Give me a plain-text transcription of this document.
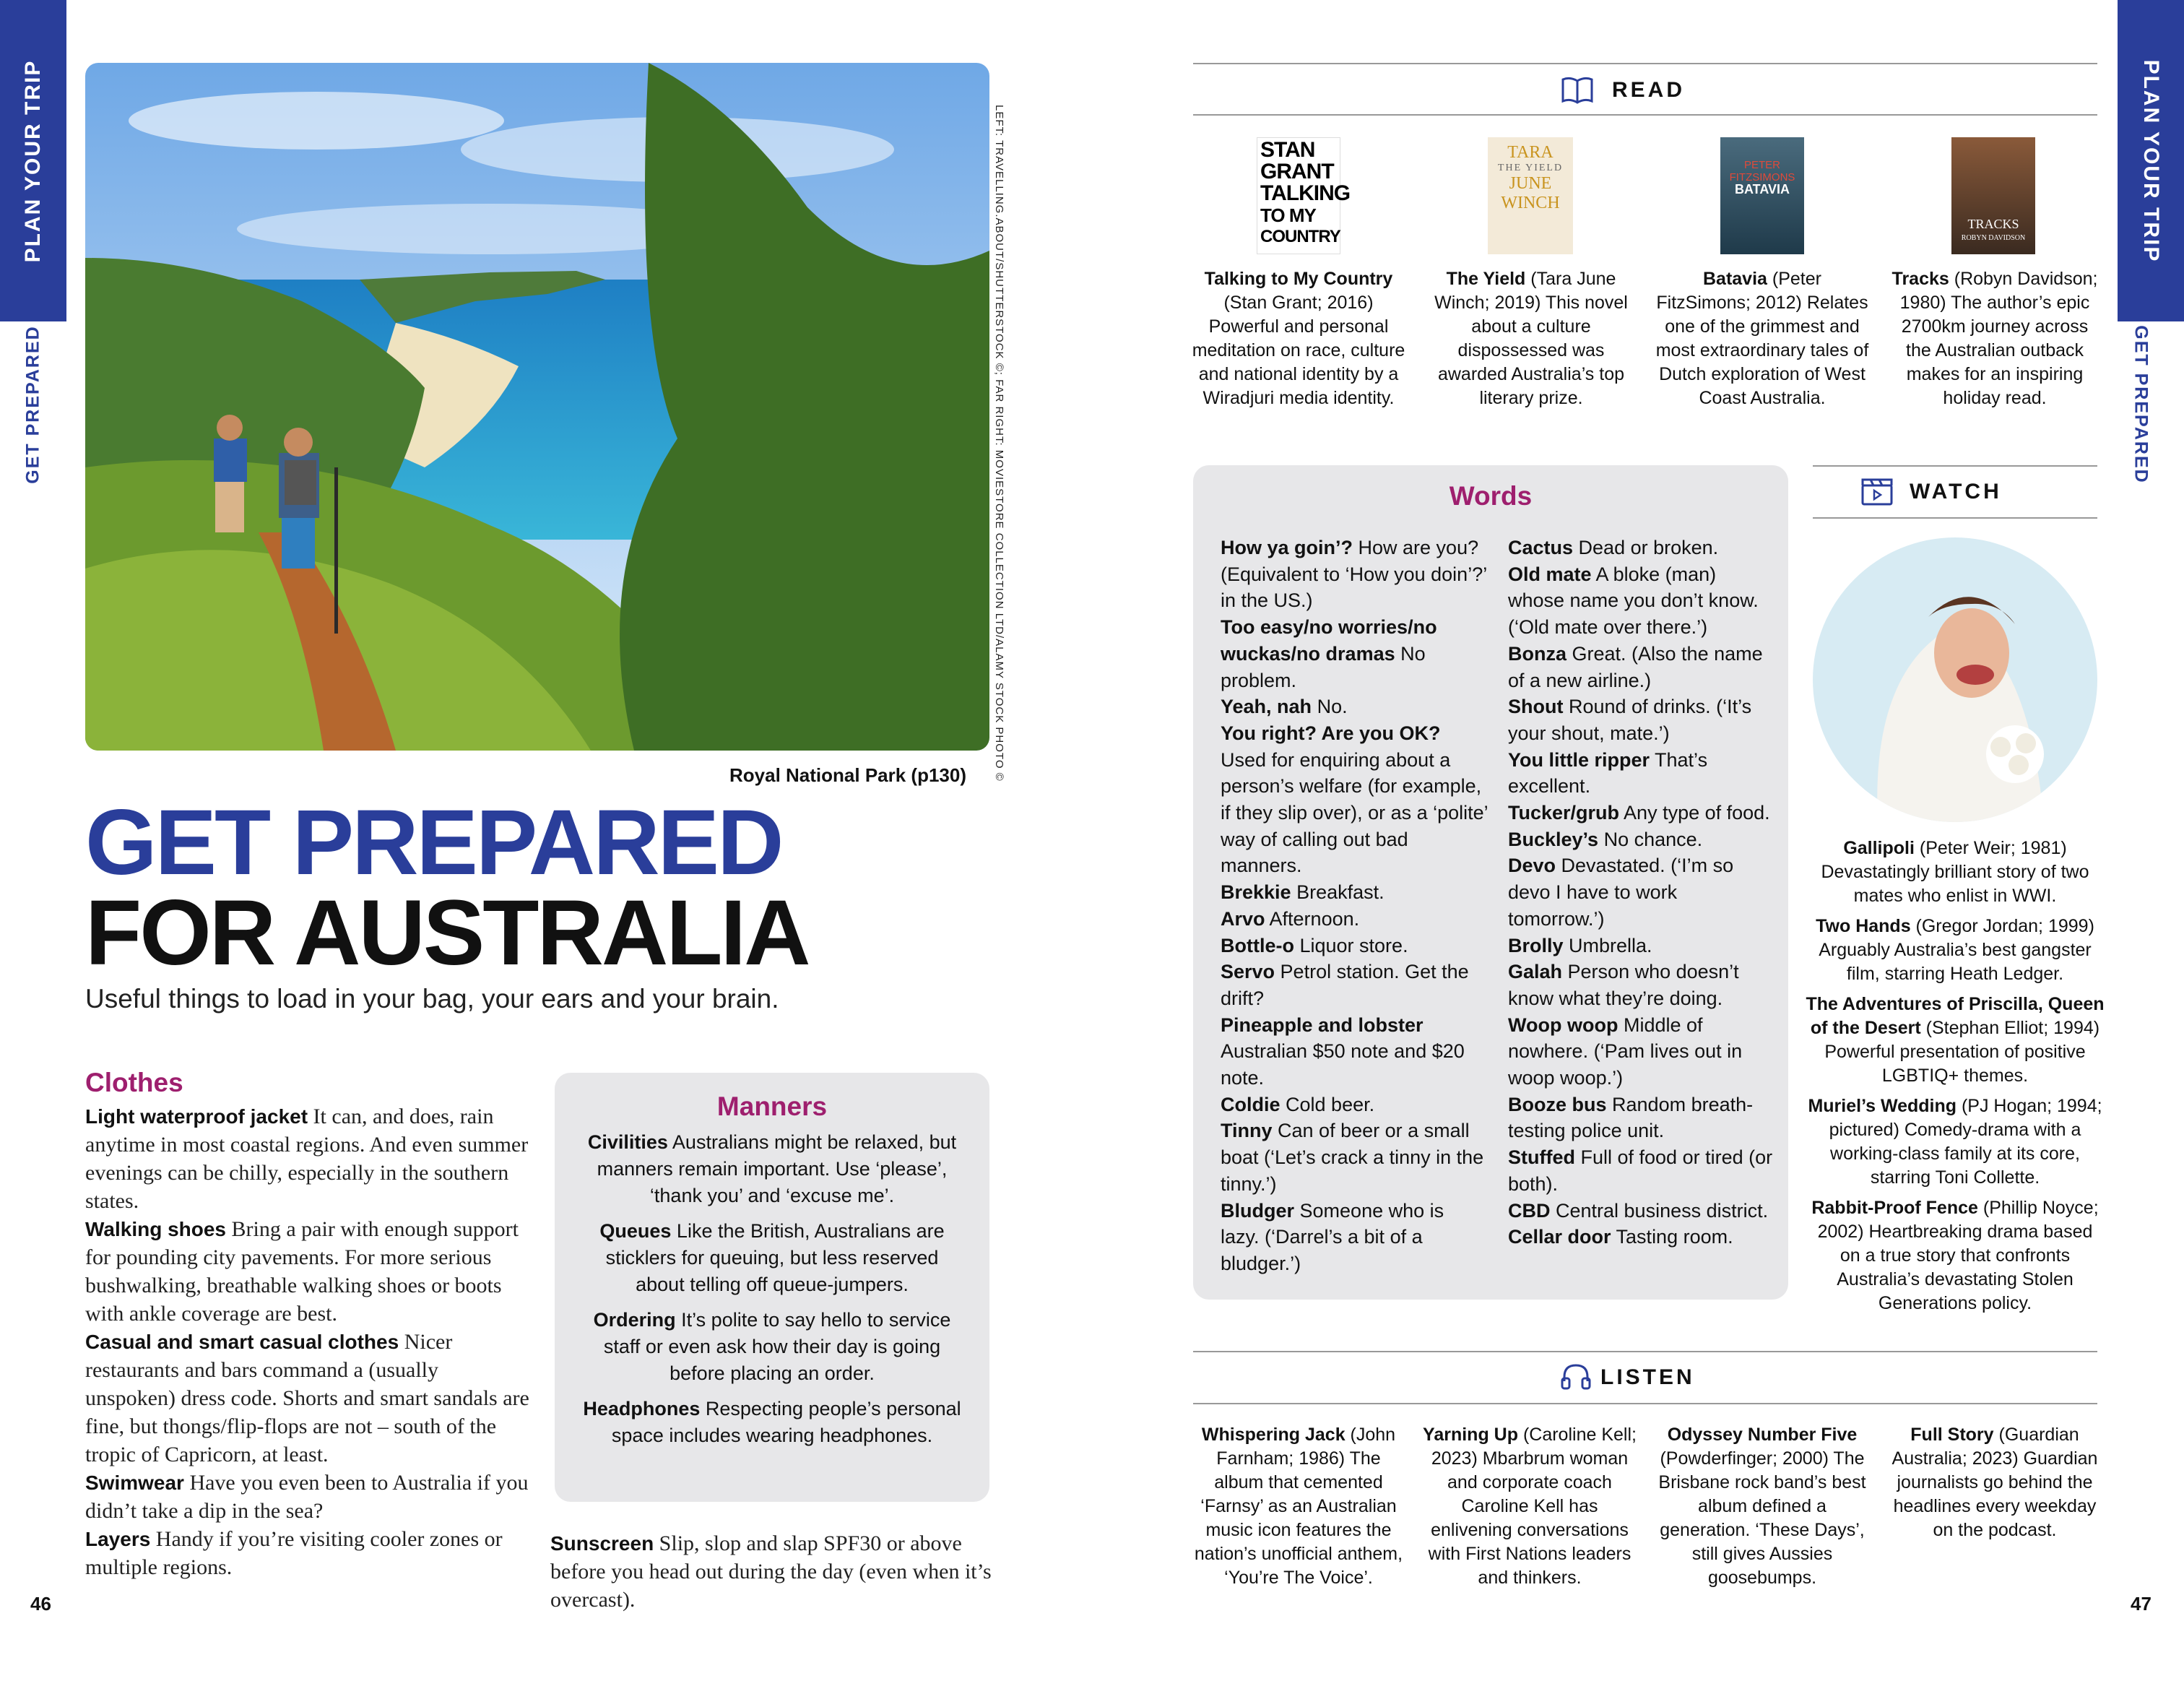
PLAN YOUR TRIP
GET PREPARED
PLAN YOUR TRIP
GET PREPARED
LEFT: TRAVELLING.ABOUT/SHUTTERSTOCK ©; FAR RIGHT: MOVIESTORE COLLECTION LTD/ALAMY STOCK PHOTO ©
Royal National Park (p130)
GET PREPARED
FOR AUSTRALIA
Useful things to load in your bag, your ears and your brain.
Clothes
Light waterproof jacket It can, and does, rain anytime in most coastal regions. And even summer evenings can be chilly, especially in the southern states.
Walking shoes Bring a pair with enough support for pounding city pavements. For more serious bushwalking, breathable walking shoes or boots with ankle coverage are best.
Casual and smart casual clothes Nicer restaurants and bars command a (usually unspoken) dress code. Shorts and smart sandals are fine, but thongs/flip-flops are not – south of the tropic of Capricorn, at least.
Swimwear Have you even been to Australia if you didn’t take a dip in the sea?
Layers Handy if you’re visiting cooler zones or multiple regions.
Manners

Civilities Australians might be relaxed, but manners remain important. Use ‘please’, ‘thank you’ and ‘excuse me’.

Queues Like the British, Australians are sticklers for queuing, but less reserved about telling off queue-jumpers.

Ordering It’s polite to say hello to service staff or even ask how their day is going before placing an order.

Headphones Respecting people’s personal space includes wearing headphones.

Sunscreen Slip, slop and slap SPF30 or above before you head out during the day (even when it’s overcast).
46	47
READ
STAN
GRANT
TALKING
TO MY
COUNTRY
TARA
THE YIELD
JUNE
WINCH
PETER
FITZSIMONS
BATAVIA
TRACKS
ROBYN DAVIDSON
Talking to My Country (Stan Grant; 2016) Powerful and personal meditation on race, culture and national identity by a Wiradjuri media identity.
The Yield (Tara June Winch; 2019) This novel about a culture dispossessed was awarded Australia’s top literary prize.
Batavia (Peter FitzSimons; 2012) Relates one of the grimmest and most extraordinary tales of Dutch exploration of West Coast Australia.
Tracks (Robyn Davidson; 1980) The author’s epic 2700km journey across the Australian outback makes for an inspiring holiday read.
Words
How ya goin’? How are you? (Equivalent to ‘How you doin’?’ in the US.)
Too easy/no worries/no wuckas/no dramas No problem.
Yeah, nah No.
You right? Are you OK? Used for enquiring about a person’s welfare (for example, if they slip over), or as a ‘polite’ way of calling out bad manners.
Brekkie Breakfast.
Arvo Afternoon.
Bottle-o Liquor store.
Servo Petrol station. Get the drift?
Pineapple and lobster Australian $50 note and $20 note.
Coldie Cold beer.
Tinny Can of beer or a small boat (‘Let’s crack a tinny in the tinny.’)
Bludger Someone who is lazy. (‘Darrel’s a bit of a bludger.’)
Cactus Dead or broken.
Old mate A bloke (man) whose name you don’t know. (‘Old mate over there.’)
Bonza Great. (Also the name of a new airline.)
Shout Round of drinks. (‘It’s your shout, mate.’)
You little ripper That’s excellent.
Tucker/grub Any type of food.
Buckley’s No chance.
Devo Devastated. (‘I’m so devo I have to work tomorrow.’)
Brolly Umbrella.
Galah Person who doesn’t know what they’re doing.
Woop woop Middle of nowhere. (‘Pam lives out in woop woop.’)
Booze bus Random breath-testing police unit.
Stuffed Full of food or tired (or both).
CBD Central business district.
Cellar door Tasting room.
WATCH
Gallipoli (Peter Weir; 1981) Devastatingly brilliant story of two mates who enlist in WWI.
Two Hands (Gregor Jordan; 1999) Arguably Australia’s best gangster film, starring Heath Ledger.
The Adventures of Priscilla, Queen of the Desert (Stephan Elliot; 1994) Powerful presentation of positive LGBTIQ+ themes.
Muriel’s Wedding (PJ Hogan; 1994; pictured) Comedy-drama with a working-class family at its core, starring Toni Collette.
Rabbit-Proof Fence (Phillip Noyce; 2002) Heartbreaking drama based on a true story that confronts Australia’s devastating Stolen Generations policy.
LISTEN
Whispering Jack (John Farnham; 1986) The album that cemented ‘Farnsy’ as an Australian music icon features the nation’s unofficial anthem, ‘You’re The Voice’.
Yarning Up (Caroline Kell; 2023) Mbarbrum woman and corporate coach Caroline Kell has enlivening conversations with First Nations leaders and thinkers.
Odyssey Number Five (Powderfinger; 2000) The Brisbane rock band’s best album defined a generation. ‘These Days’, still gives Aussies goosebumps.
Full Story (Guardian Australia; 2023) Guardian journalists go behind the headlines every weekday on the podcast.
